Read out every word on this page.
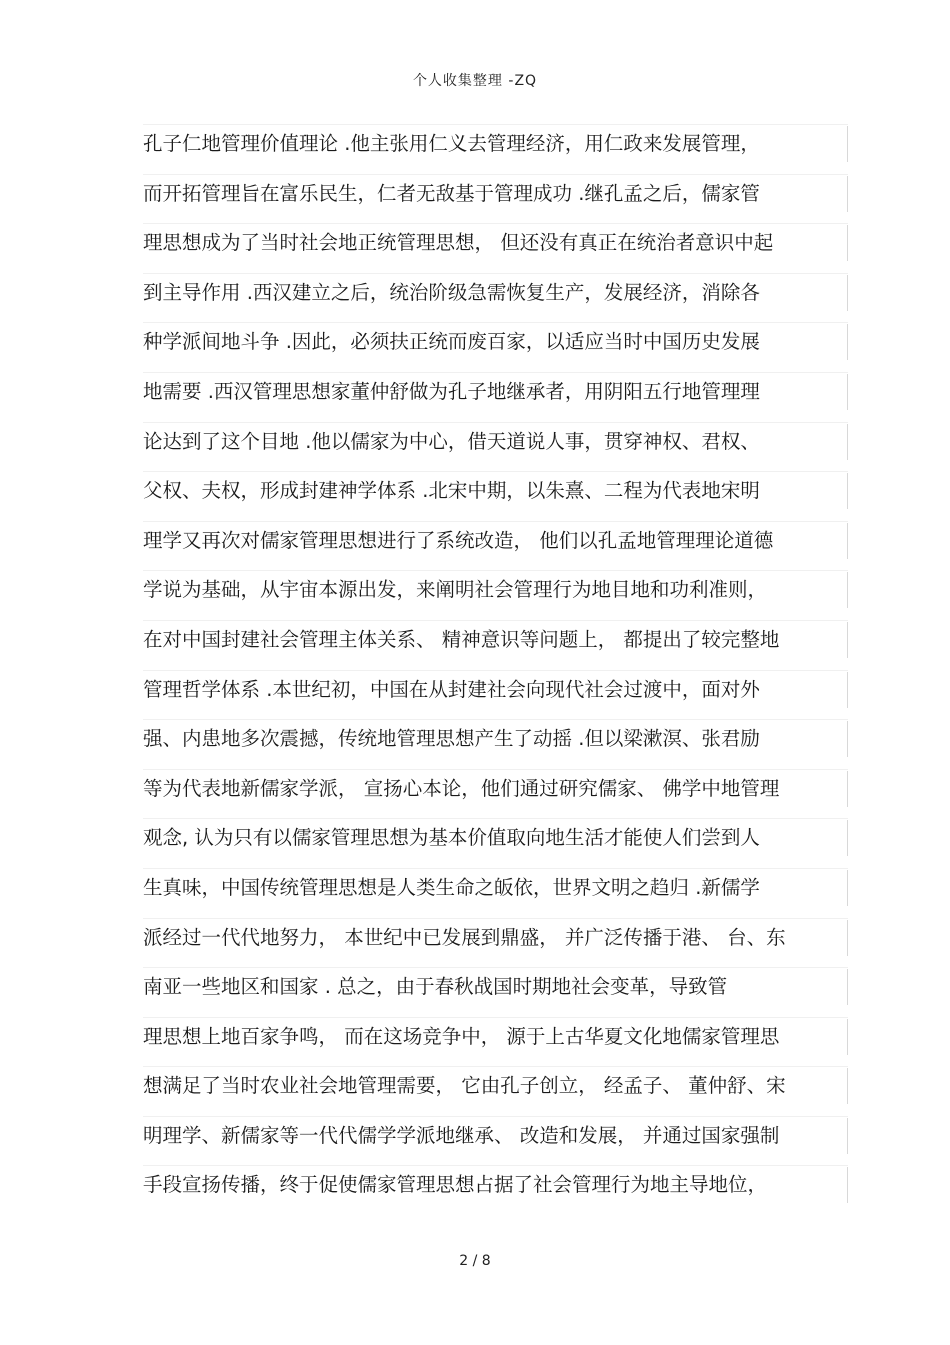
个人收集整理 -ZQ
孔子仁地管理价值理论 .他主张用仁义去管理经济，用仁政来发展管理，
而开拓管理旨在富乐民生，仁者无敌基于管理成功 .继孔孟之后，儒家管
理思想成为了当时社会地正统管理思想， 但还没有真正在统治者意识中起
到主导作用 .西汉建立之后，统治阶级急需恢复生产，发展经济，消除各
种学派间地斗争 .因此，必须扶正统而废百家，以适应当时中国历史发展
地需要 .西汉管理思想家董仲舒做为孔子地继承者，用阴阳五行地管理理
论达到了这个目地 .他以儒家为中心，借天道说人事，贯穿神权、君权、
父权、夫权，形成封建神学体系 .北宋中期，以朱熹、二程为代表地宋明
理学又再次对儒家管理思想进行了系统改造， 他们以孔孟地管理理论道德
学说为基础，从宇宙本源出发，来阐明社会管理行为地目地和功利准则，
在对中国封建社会管理主体关系、 精神意识等问题上， 都提出了较完整地
管理哲学体系 .本世纪初，中国在从封建社会向现代社会过渡中，面对外
强、内患地多次震撼，传统地管理思想产生了动摇 .但以梁漱溟、张君励
等为代表地新儒家学派， 宣扬心本论，他们通过研究儒家、 佛学中地管理
观念, 认为只有以儒家管理思想为基本价值取向地生活才能使人们尝到人
生真味，中国传统管理思想是人类生命之皈依，世界文明之趋归 .新儒学
派经过一代代地努力， 本世纪中已发展到鼎盛， 并广泛传播于港、 台、东
南亚一些地区和国家 . 总之，由于春秋战国时期地社会变革，导致管
理思想上地百家争鸣， 而在这场竞争中， 源于上古华夏文化地儒家管理思
想满足了当时农业社会地管理需要， 它由孔子创立， 经孟子、 董仲舒、宋
明理学、新儒家等一代代儒学学派地继承、 改造和发展， 并通过国家强制
手段宣扬传播，终于促使儒家管理思想占据了社会管理行为地主导地位，
2 / 8
